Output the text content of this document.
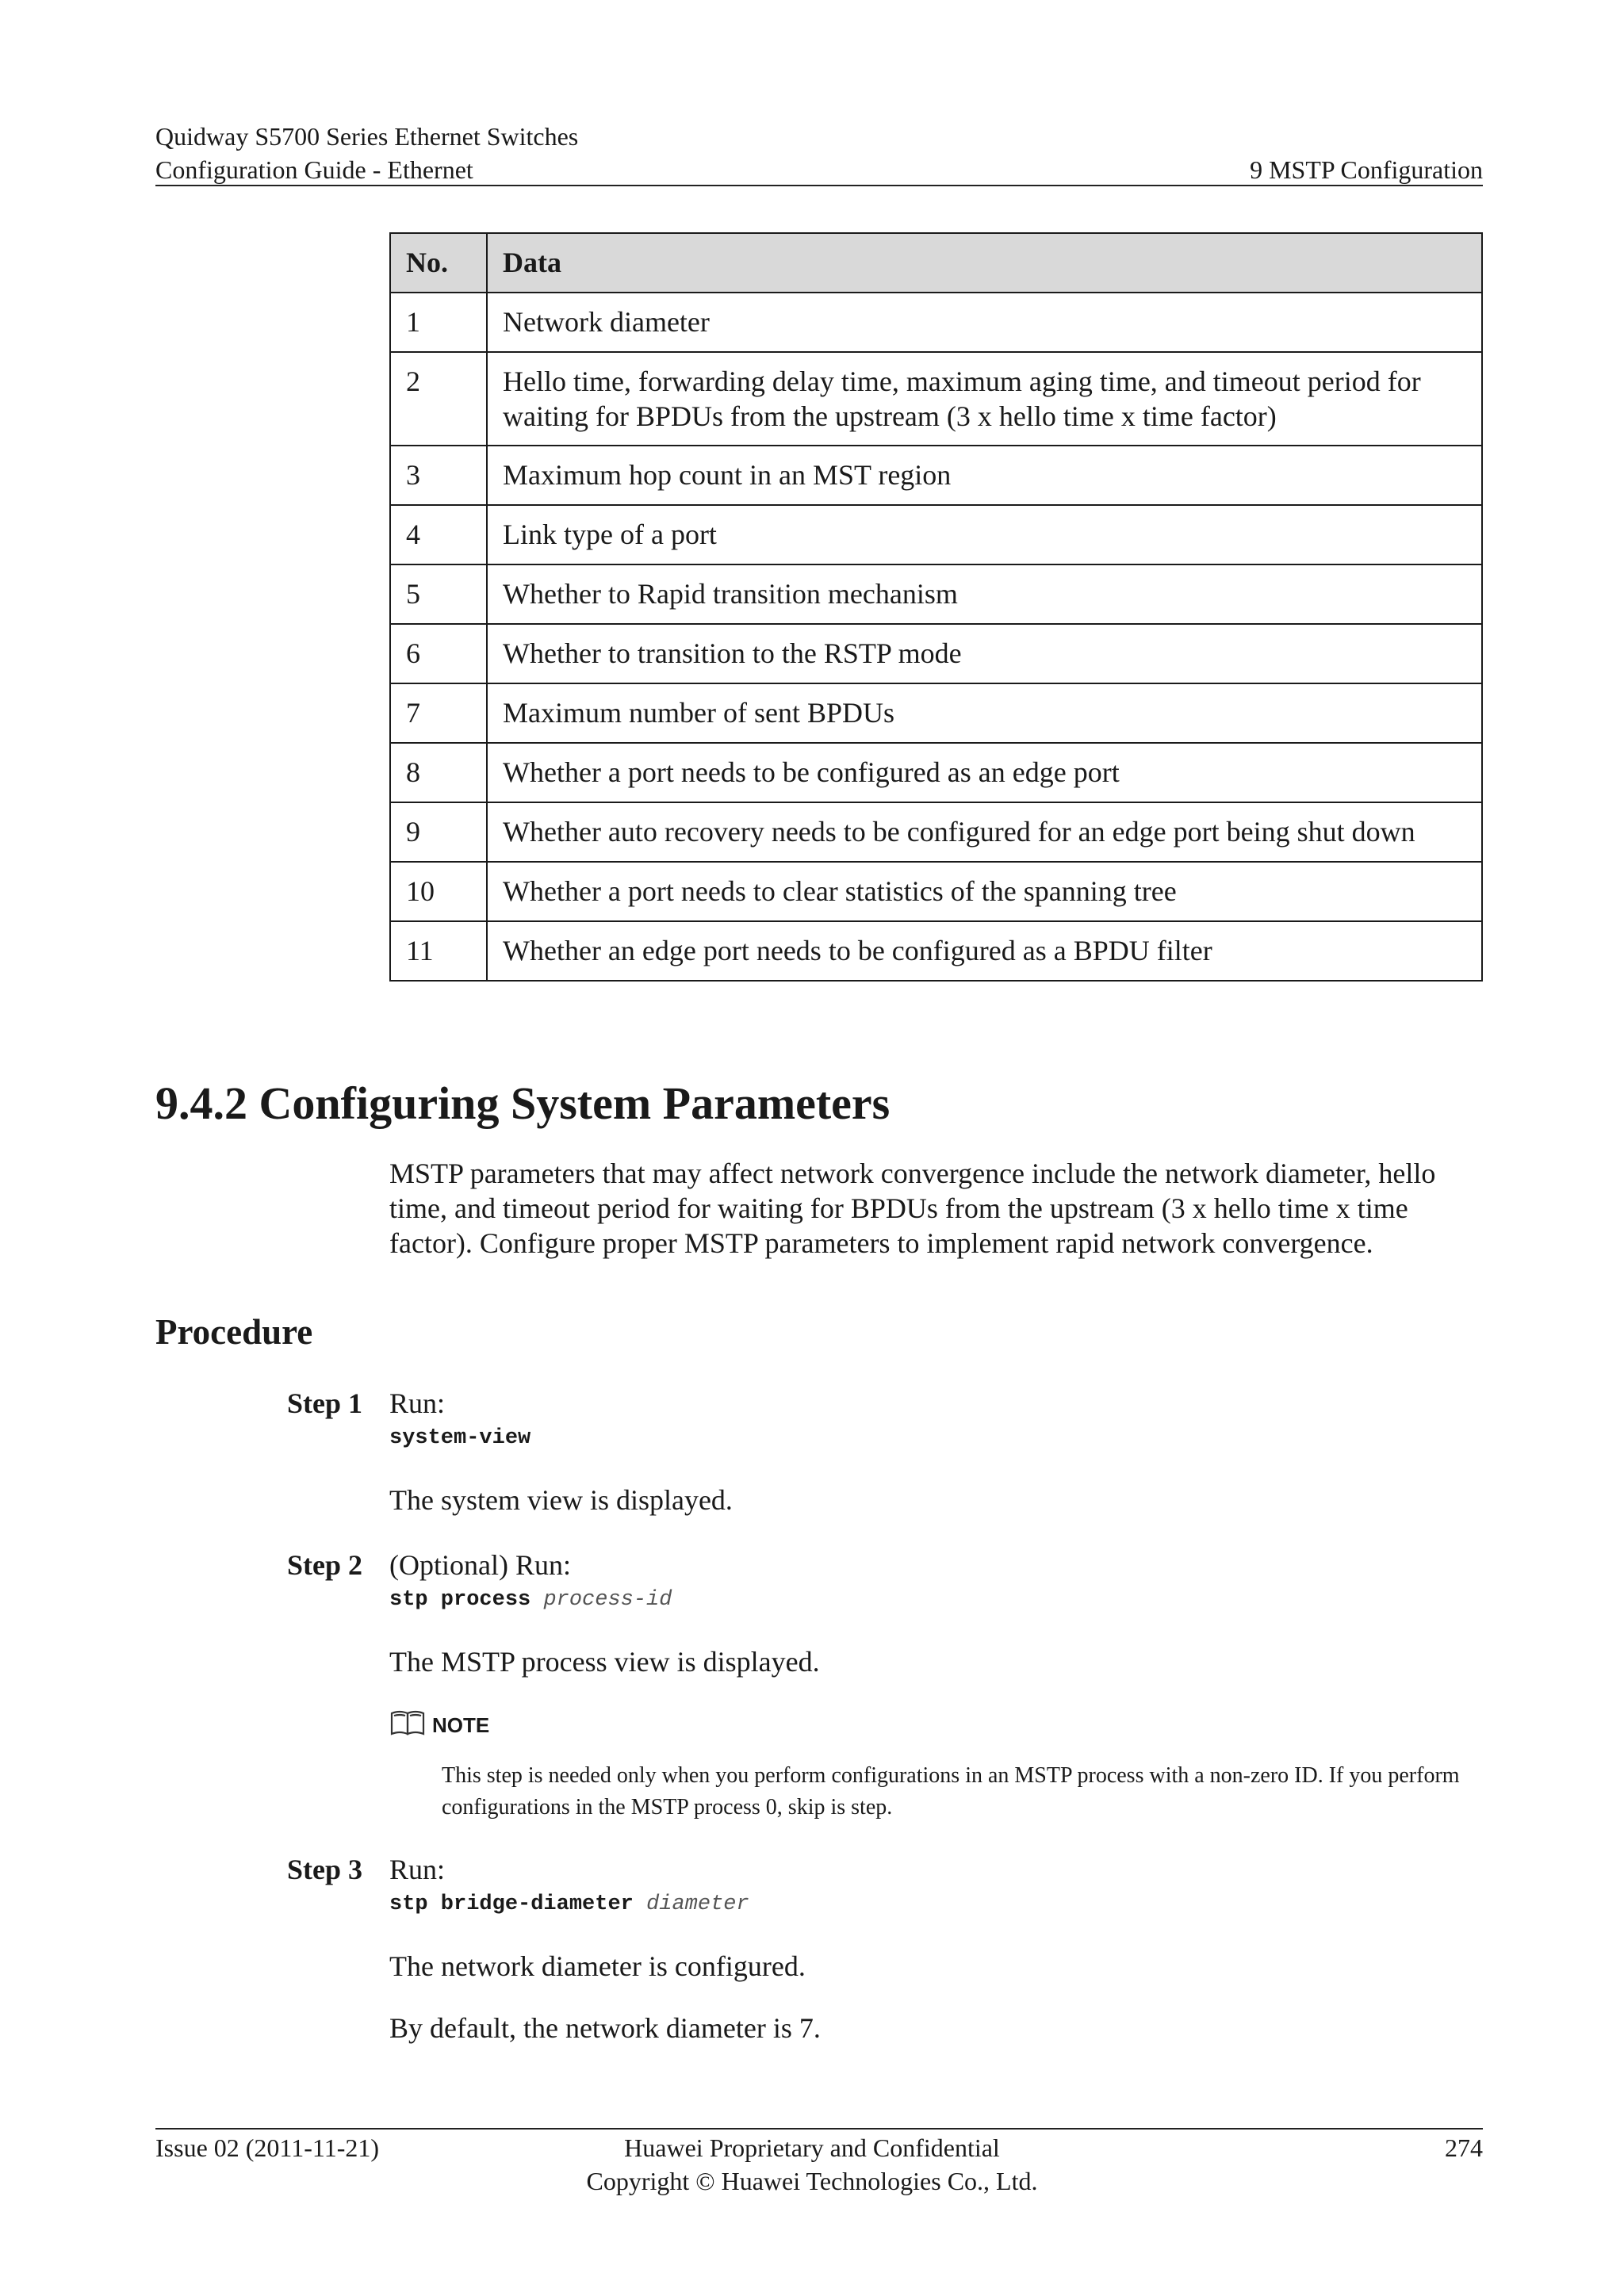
Quidway S5700 Series Ethernet Switches
Configuration Guide - Ethernet	9 MSTP Configuration
No.	Data
1	Network diameter
2	Hello time, forwarding delay time, maximum aging time, and timeout period for waiting for BPDUs from the upstream (3 x hello time x time factor)
3	Maximum hop count in an MST region
4	Link type of a port
5	Whether to Rapid transition mechanism
6	Whether to transition to the RSTP mode
7	Maximum number of sent BPDUs
8	Whether a port needs to be configured as an edge port
9	Whether auto recovery needs to be configured for an edge port being shut down
10	Whether a port needs to clear statistics of the spanning tree
11	Whether an edge port needs to be configured as a BPDU filter
9.4.2 Configuring System Parameters

MSTP parameters that may affect network convergence include the network diameter, hello time, and timeout period for waiting for BPDUs from the upstream (3 x hello time x time factor). Configure proper MSTP parameters to implement rapid network convergence.

Procedure
Step 1 Run:
system-view

The system view is displayed.

Step 2 (Optional) Run:
stp process process-id

The MSTP process view is displayed.

NOTE

This step is needed only when you perform configurations in an MSTP process with a non-zero ID. If you perform configurations in the MSTP process 0, skip is step.

Step 3 Run:
stp bridge-diameter diameter

The network diameter is configured.

By default, the network diameter is 7.

Issue 02 (2011-11-21)	Huawei Proprietary and Confidential
Copyright © Huawei Technologies Co., Ltd.
274
